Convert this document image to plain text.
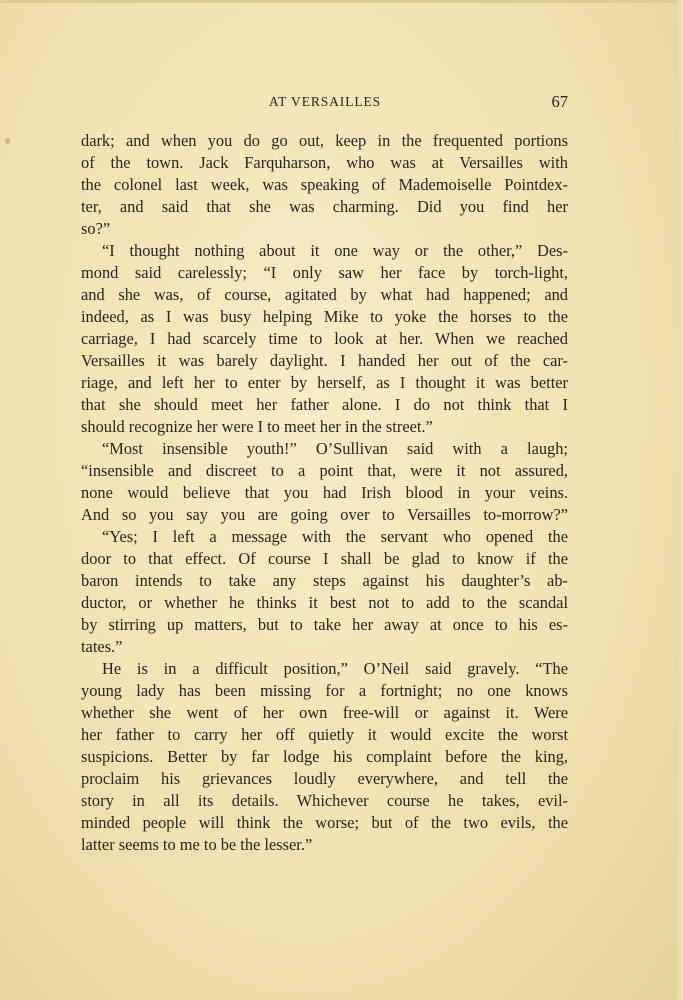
AT VERSAILLES	67
dark; and when you do go out, keep in the frequented portions
of the town. Jack Farquharson, who was at Versailles with
the colonel last week, was speaking of Mademoiselle Pointdex-
ter, and said that she was charming. Did you find her
so?”
“I thought nothing about it one way or the other,” Des-
mond said carelessly; “I only saw her face by torch-light,
and she was, of course, agitated by what had happened; and
indeed, as I was busy helping Mike to yoke the horses to the
carriage, I had scarcely time to look at her. When we reached
Versailles it was barely daylight. I handed her out of the car-
riage, and left her to enter by herself, as I thought it was better
that she should meet her father alone. I do not think that I
should recognize her were I to meet her in the street.”
“Most insensible youth!” O’Sullivan said with a laugh;
“insensible and discreet to a point that, were it not assured,
none would believe that you had Irish blood in your veins.
And so you say you are going over to Versailles to-morrow?”
“Yes; I left a message with the servant who opened the
door to that effect. Of course I shall be glad to know if the
baron intends to take any steps against his daughter’s ab-
ductor, or whether he thinks it best not to add to the scandal
by stirring up matters, but to take her away at once to his es-
tates.”
He is in a difficult position,” O’Neil said gravely. “The
young lady has been missing for a fortnight; no one knows
whether she went of her own free-will or against it. Were
her father to carry her off quietly it would excite the worst
suspicions. Better by far lodge his complaint before the king,
proclaim his grievances loudly everywhere, and tell the
story in all its details. Whichever course he takes, evil-
minded people will think the worse; but of the two evils, the
latter seems to me to be the lesser.”
